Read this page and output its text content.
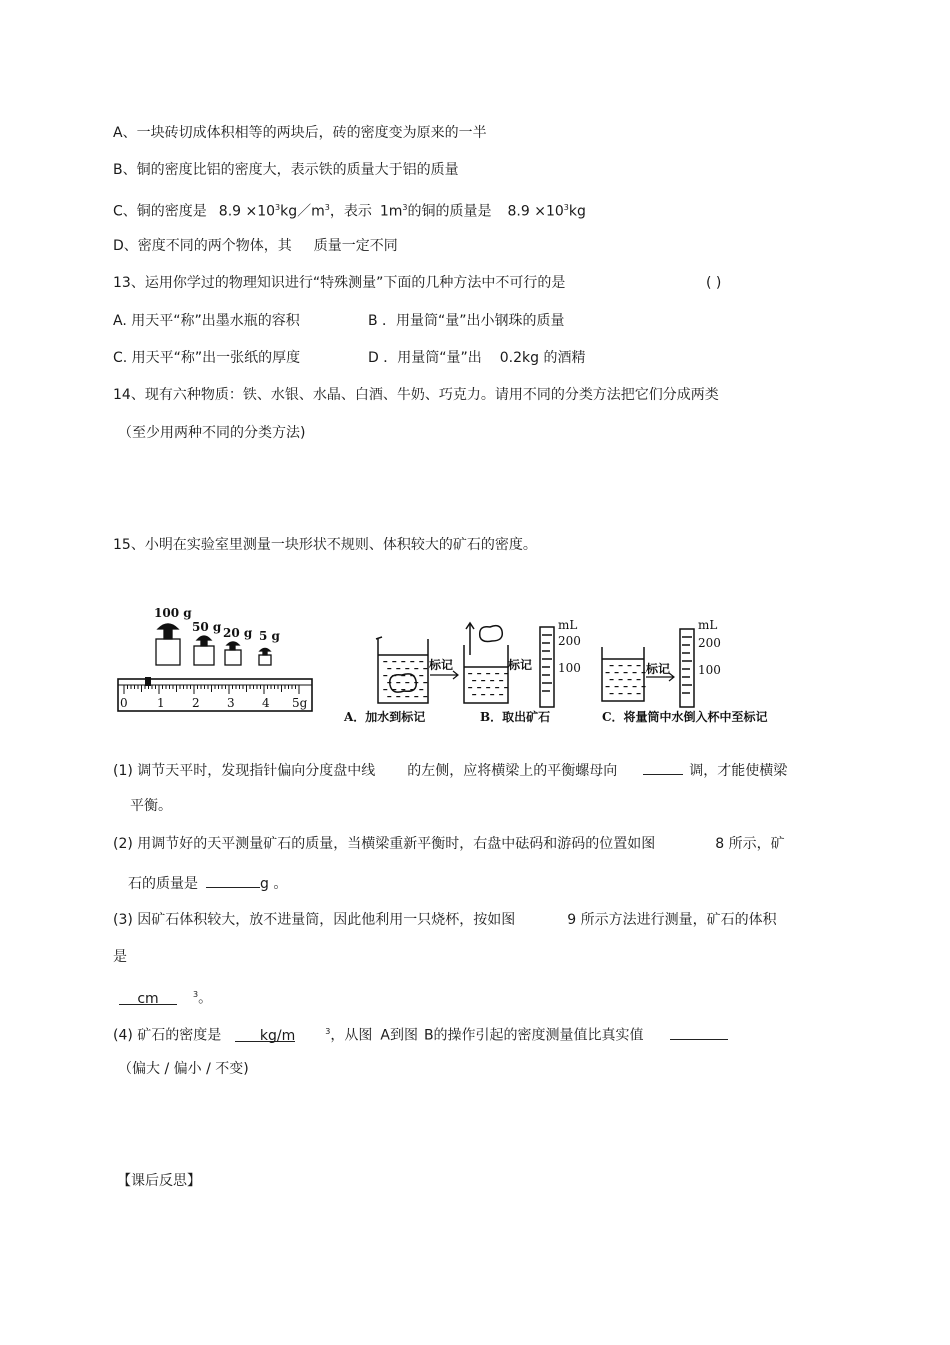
A、一块砖切成体积相等的两块后，砖的密度变为原来的一半
B、铜的密度比铝的密度大，表示铁的质量大于铝的质量
C、铜的密度是 $8.9 \times 10^3kg/m^3$，表示 $1m^3$的铜的质量是 $8.9 \times 10^3kg$
D、密度不同的两个物体，其 质量一定不同
13、运用你学过的物理知识进行“特殊测量”下面的几种方法中不可行的是	( )
A. 用天平“称”出墨水瓶的容积	B ．用量筒“量”出小钢珠的质量
C. 用天平“称”出一张纸的厚度	D ．用量筒“量”出 0.2kg 的酒精
14、现有六种物质：铁、水银、水晶、白酒、牛奶、巧克力。请用不同的分类方法把它们分成两类
（至少用两种不同的分类方法)
15、小明在实验室里测量一块形状不规则、体积较大的矿石的密度。
100 g
50 g 20 g 5 g
0 1 2 3 4 5g
标记	标记
mL
200
100	标记
mL
200
100
A．加水到标记	B．取出矿石	C．将量筒中水倒入杯中至标记
(1) 调节天平时，发现指针偏向分度盘中线 的左侧，应将横梁上的平衡螺母向	调，才能使横梁
平衡。
(2) 用调节好的天平测量矿石的质量，当横梁重新平衡时，右盘中砝码和游码的位置如图	8 所示，矿
石的质量是	g 。
(3) 因矿石体积较大，放不进量筒，因此他利用一只烧杯，按如图	9 所示方法进行测量，矿石的体积
是
cm	$^3$。
(4) 矿石的密度是	kg/m	$^3$，从图 A到图 B的操作引起的密度测量值比真实值
（偏大 / 偏小 / 不变)
【课后反思】
